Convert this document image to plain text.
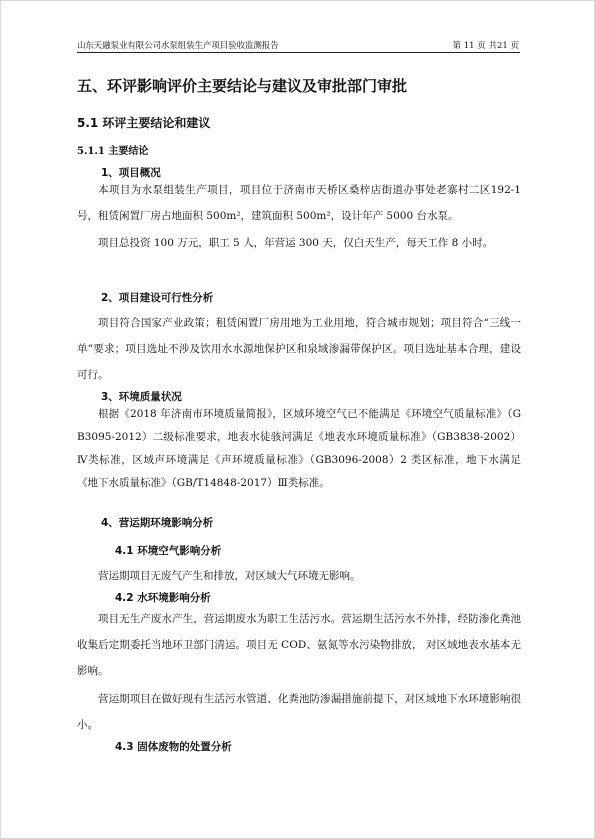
山东天融泵业有限公司水泵组装生产项目验收监测报告	第 11 页 共21 页
五、环评影响评价主要结论与建议及审批部门审批
5.1 环评主要结论和建议
5.1.1 主要结论
1、项目概况
本项目为水泵组装生产项目，项目位于济南市天桥区桑梓店街道办事处老寨村二区192-1 号，租赁闲置厂房占地面积 500m²，建筑面积 500m²，设计年产 5000 台水泵。
项目总投资 100 万元，职工 5 人，年营运 300 天，仅白天生产，每天工作 8 小时。
2、项目建设可行性分析
项目符合国家产业政策；租赁闲置厂房用地为工业用地，符合城市规划；项目符合“三线一单”要求；项目选址不涉及饮用水水源地保护区和泉域渗漏带保护区。项目选址基本合理，建设可行。
3、环境质量状况
根据《2018 年济南市环境质量简报》，区域环境空气已不能满足《环境空气质量标准》（GB3095-2012）二级标准要求，地表水徒骇河满足《地表水环境质量标准》（GB3838-2002）Ⅳ类标准，区域声环境满足《声环境质量标准》（GB3096-2008）2 类区标准，地下水满足《地下水质量标准》（GB/T14848-2017）Ⅲ类标准。
4、营运期环境影响分析
4.1 环境空气影响分析
营运期项目无废气产生和排放，对区域大气环境无影响。
4.2 水环境影响分析
项目无生产废水产生，营运期废水为职工生活污水。营运期生活污水不外排，经防渗化粪池收集后定期委托当地环卫部门清运。项目无 COD、氨氮等水污染物排放， 对区域地表水基本无影响。
营运期项目在做好现有生活污水管道、化粪池防渗漏措施前提下，对区域地下水环境影响很小。
4.3 固体废物的处置分析
